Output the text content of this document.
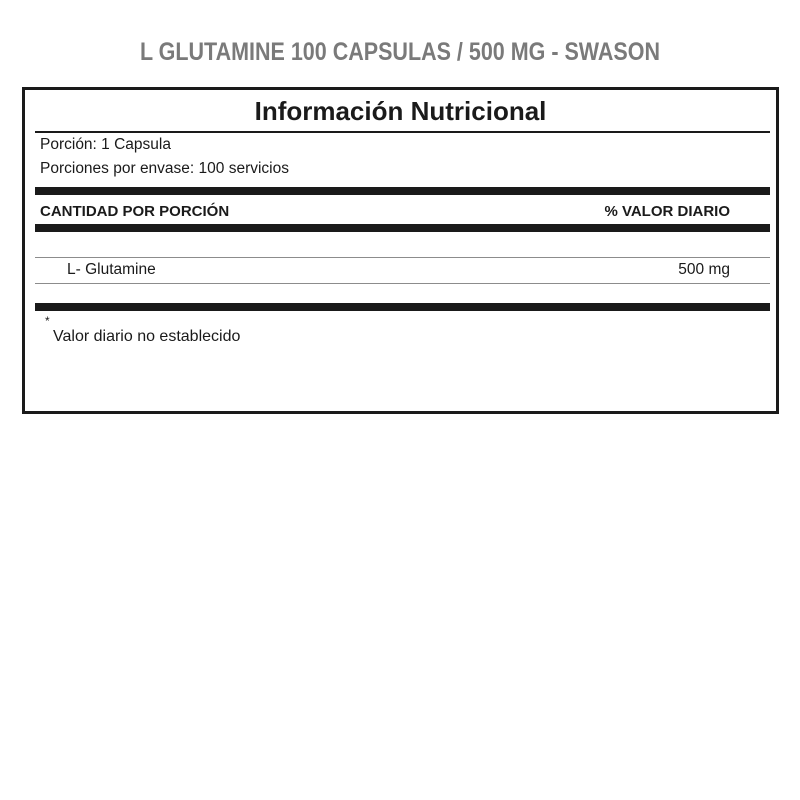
L GLUTAMINE 100 CAPSULAS / 500 MG - SWASON
Información Nutricional
Porción: 1 Capsula
Porciones por envase: 100 servicios
CANTIDAD POR PORCIÓN	% VALOR DIARIO
L- Glutamine	500 mg
*
Valor diario no establecido
